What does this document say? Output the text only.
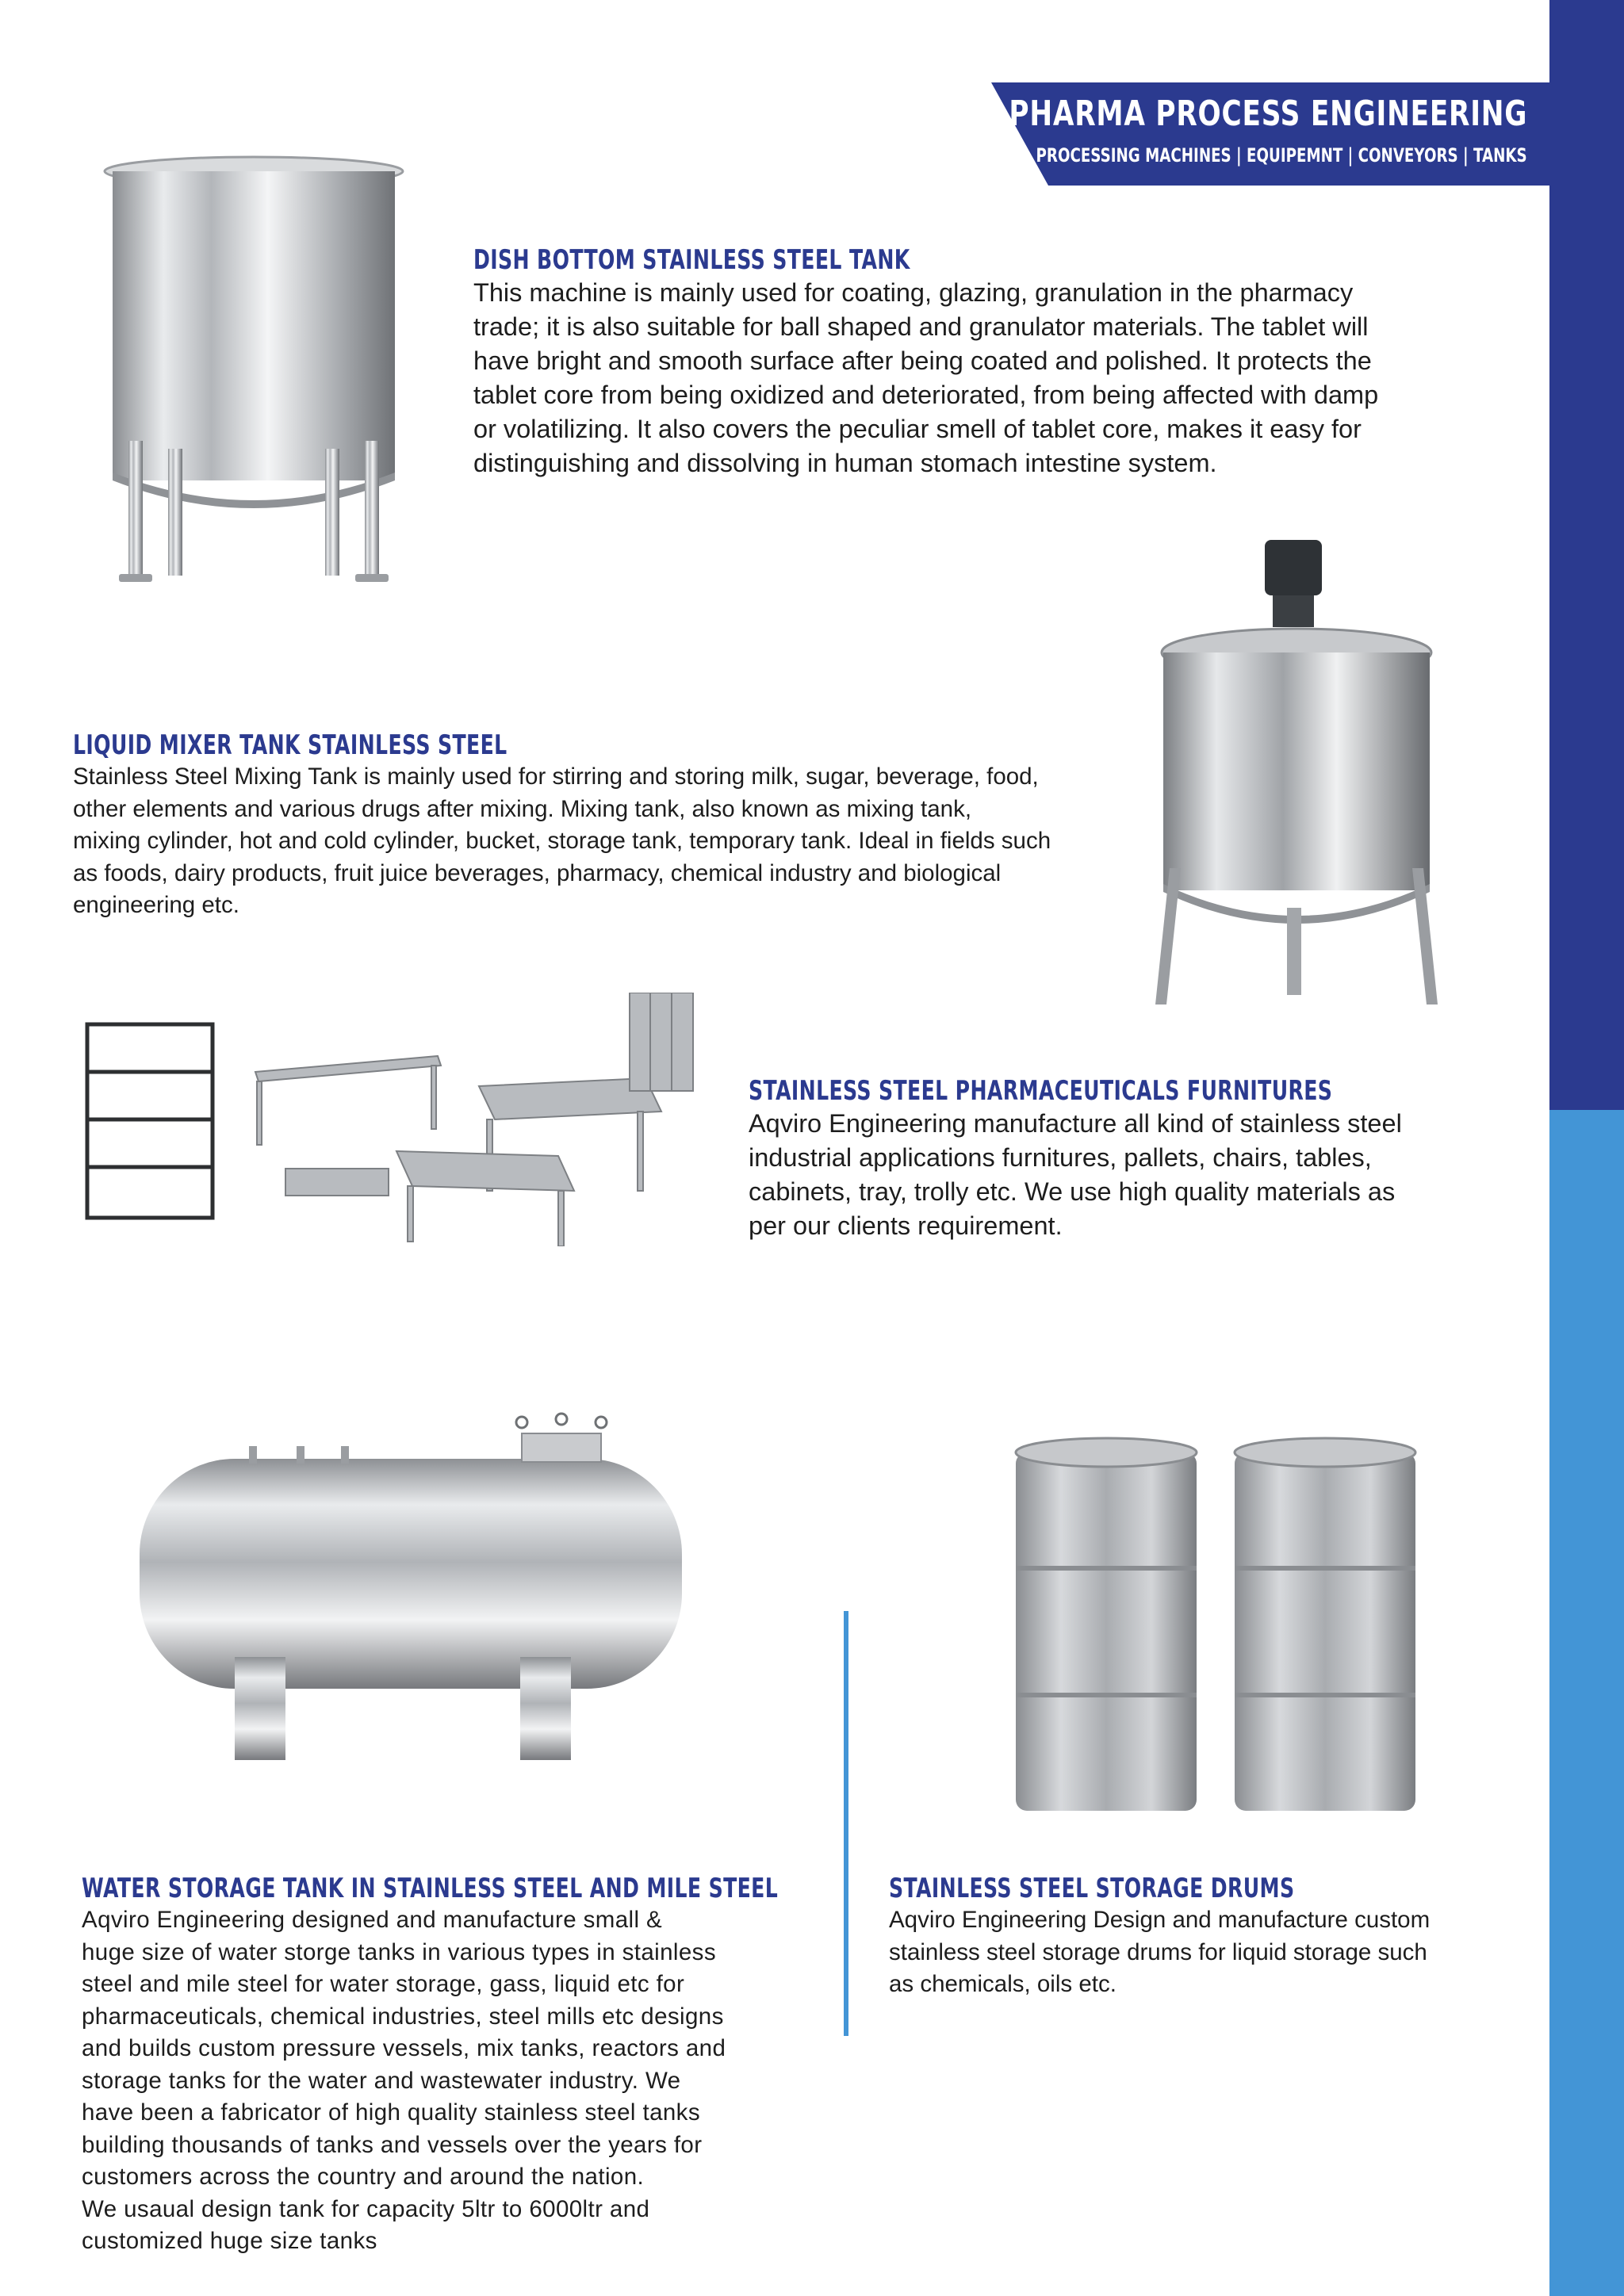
PHARMA PROCESS ENGINEERING
PROCESSING MACHINES | EQUIPEMNT | CONVEYORS | TANKS
DISH BOTTOM STAINLESS STEEL TANK

This machine is mainly used for coating, glazing, granulation in the pharmacy
trade; it is also suitable for ball shaped and granulator materials. The tablet will
have bright and smooth surface after being coated and polished. It protects the
tablet core from being oxidized and deteriorated, from being affected with damp
or volatilizing. It also covers the peculiar smell of tablet core, makes it easy for
distinguishing and dissolving in human stomach intestine system.

LIQUID MIXER TANK STAINLESS STEEL

Stainless Steel Mixing Tank is mainly used for stirring and storing milk, sugar, beverage, food,
other elements and various drugs after mixing. Mixing tank, also known as mixing tank,
mixing cylinder, hot and cold cylinder, bucket, storage tank, temporary tank. Ideal in fields such
as foods, dairy products, fruit juice beverages, pharmacy, chemical industry and biological
engineering etc.

STAINLESS STEEL PHARMACEUTICALS FURNITURES

Aqviro Engineering manufacture all kind of stainless steel
industrial applications furnitures, pallets, chairs, tables,
cabinets, tray, trolly etc. We use high quality materials as
per our clients requirement.

WATER STORAGE TANK IN STAINLESS STEEL AND MILE STEEL

Aqviro Engineering designed and manufacture small &
huge size of water storge tanks in various types in stainless
steel and mile steel for water storage, gass, liquid etc for
pharmaceuticals, chemical industries, steel mills etc designs
and builds custom pressure vessels, mix tanks, reactors and
storage tanks for the water and wastewater industry. We
have been a fabricator of high quality stainless steel tanks
building thousands of tanks and vessels over the years for
customers across the country and around the nation.
We usaual design tank for capacity 5ltr to 6000ltr and
customized huge size tanks

STAINLESS STEEL STORAGE DRUMS

Aqviro Engineering Design and manufacture custom
stainless steel storage drums for liquid storage such
as chemicals, oils etc.
